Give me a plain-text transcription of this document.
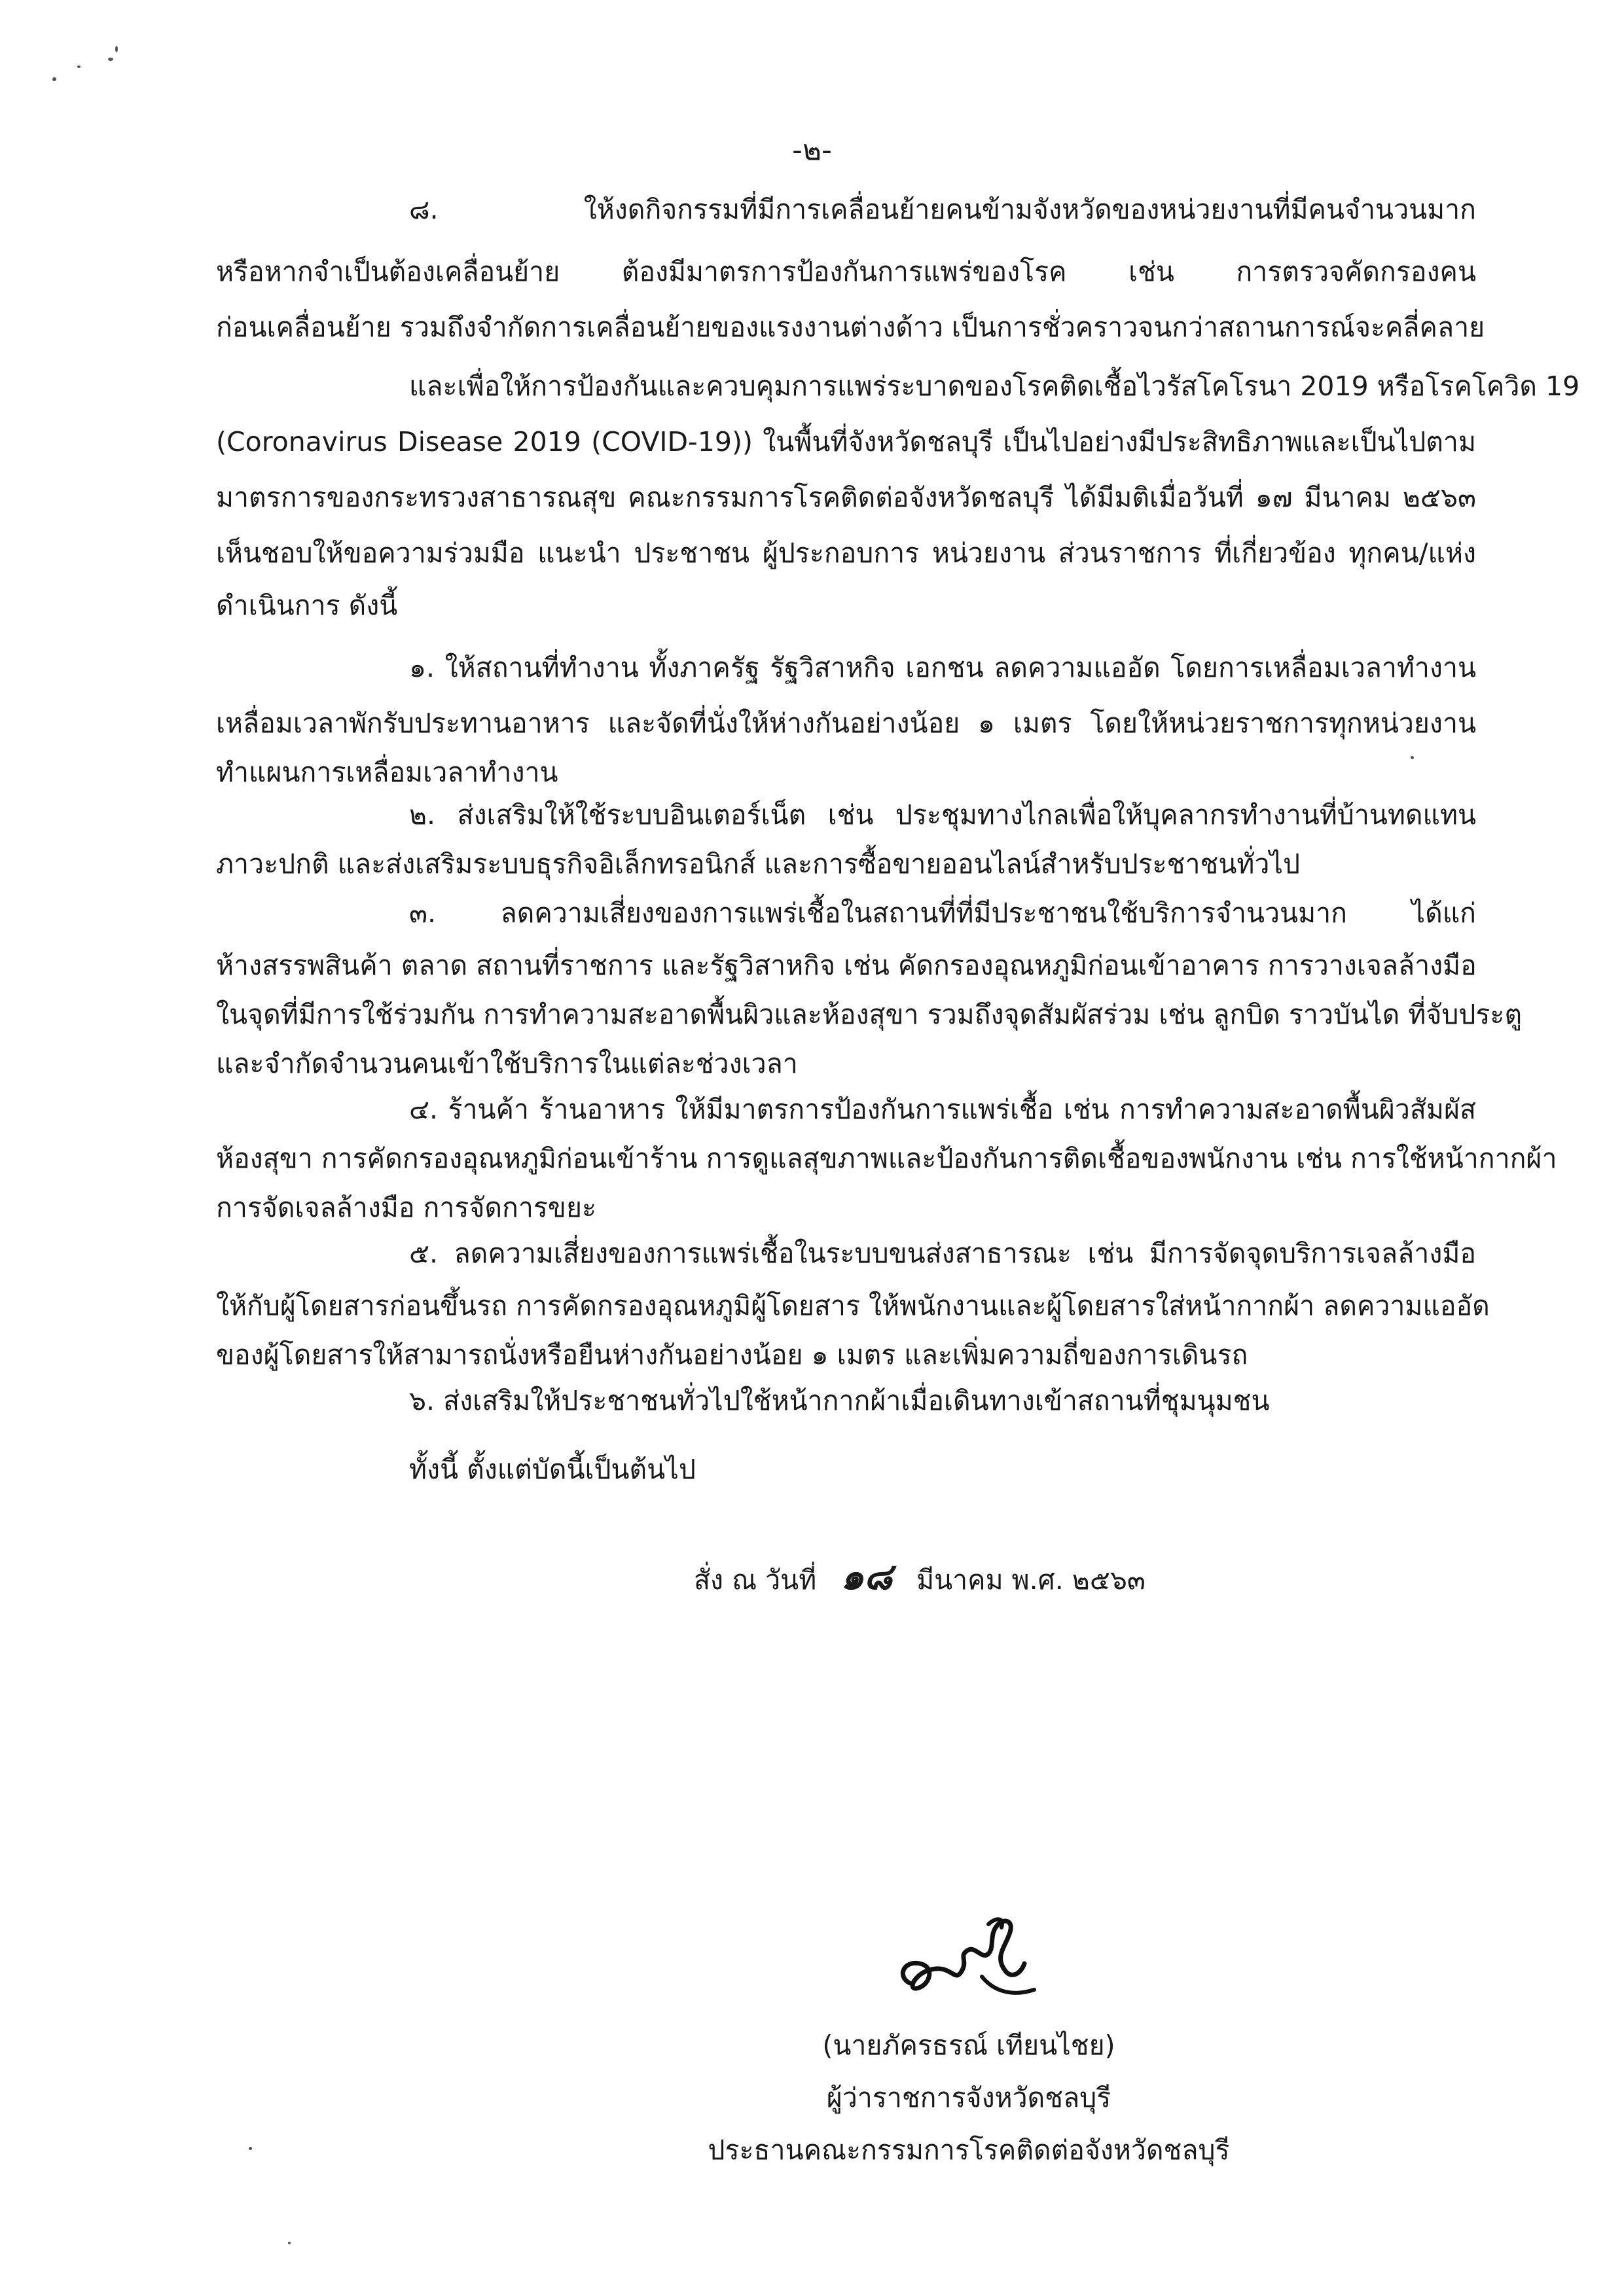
-๒-
๘. ให้งดกิจกรรมที่มีการเคลื่อนย้ายคนข้ามจังหวัดของหน่วยงานที่มีคนจำนวนมาก
หรือหากจำเป็นต้องเคลื่อนย้าย ต้องมีมาตรการป้องกันการแพร่ของโรค เช่น การตรวจคัดกรองคน
ก่อนเคลื่อนย้าย รวมถึงจำกัดการเคลื่อนย้ายของแรงงานต่างด้าว เป็นการชั่วคราวจนกว่าสถานการณ์จะคลี่คลาย
และเพื่อให้การป้องกันและควบคุมการแพร่ระบาดของโรคติดเชื้อไวรัสโคโรนา 2019 หรือโรคโควิด 19
(Coronavirus Disease 2019 (COVID-19)) ในพื้นที่จังหวัดชลบุรี เป็นไปอย่างมีประสิทธิภาพและเป็นไปตาม
มาตรการของกระทรวงสาธารณสุข คณะกรรมการโรคติดต่อจังหวัดชลบุรี ได้มีมติเมื่อวันที่ ๑๗ มีนาคม ๒๕๖๓
เห็นชอบให้ขอความร่วมมือ แนะนำ ประชาชน ผู้ประกอบการ หน่วยงาน ส่วนราชการ ที่เกี่ยวข้อง ทุกคน/แห่ง
ดำเนินการ ดังนี้
๑. ให้สถานที่ทำงาน ทั้งภาครัฐ รัฐวิสาหกิจ เอกชน ลดความแออัด โดยการเหลื่อมเวลาทำงาน
เหลื่อมเวลาพักรับประทานอาหาร และจัดที่นั่งให้ห่างกันอย่างน้อย ๑ เมตร โดยให้หน่วยราชการทุกหน่วยงาน
ทำแผนการเหลื่อมเวลาทำงาน
๒. ส่งเสริมให้ใช้ระบบอินเตอร์เน็ต เช่น ประชุมทางไกลเพื่อให้บุคลากรทำงานที่บ้านทดแทน
ภาวะปกติ และส่งเสริมระบบธุรกิจอิเล็กทรอนิกส์ และการซื้อขายออนไลน์สำหรับประชาชนทั่วไป
๓. ลดความเสี่ยงของการแพร่เชื้อในสถานที่ที่มีประชาชนใช้บริการจำนวนมาก ได้แก่
ห้างสรรพสินค้า ตลาด สถานที่ราชการ และรัฐวิสาหกิจ เช่น คัดกรองอุณหภูมิก่อนเข้าอาคาร การวางเจลล้างมือ
ในจุดที่มีการใช้ร่วมกัน การทำความสะอาดพื้นผิวและห้องสุขา รวมถึงจุดสัมผัสร่วม เช่น ลูกบิด ราวบันได ที่จับประตู
และจำกัดจำนวนคนเข้าใช้บริการในแต่ละช่วงเวลา
๔. ร้านค้า ร้านอาหาร ให้มีมาตรการป้องกันการแพร่เชื้อ เช่น การทำความสะอาดพื้นผิวสัมผัส
ห้องสุขา การคัดกรองอุณหภูมิก่อนเข้าร้าน การดูแลสุขภาพและป้องกันการติดเชื้อของพนักงาน เช่น การใช้หน้ากากผ้า
การจัดเจลล้างมือ การจัดการขยะ
๕. ลดความเสี่ยงของการแพร่เชื้อในระบบขนส่งสาธารณะ เช่น มีการจัดจุดบริการเจลล้างมือ
ให้กับผู้โดยสารก่อนขึ้นรถ การคัดกรองอุณหภูมิผู้โดยสาร ให้พนักงานและผู้โดยสารใส่หน้ากากผ้า ลดความแออัด
ของผู้โดยสารให้สามารถนั่งหรือยืนห่างกันอย่างน้อย ๑ เมตร และเพิ่มความถี่ของการเดินรถ
๖. ส่งเสริมให้ประชาชนทั่วไปใช้หน้ากากผ้าเมื่อเดินทางเข้าสถานที่ชุมนุมชน
ทั้งนี้ ตั้งแต่บัดนี้เป็นต้นไป
สั่ง ณ วันที่ ๑๘ มีนาคม พ.ศ. ๒๕๖๓
(นายภัครธรณ์ เทียนไชย)
ผู้ว่าราชการจังหวัดชลบุรี
ประธานคณะกรรมการโรคติดต่อจังหวัดชลบุรี
